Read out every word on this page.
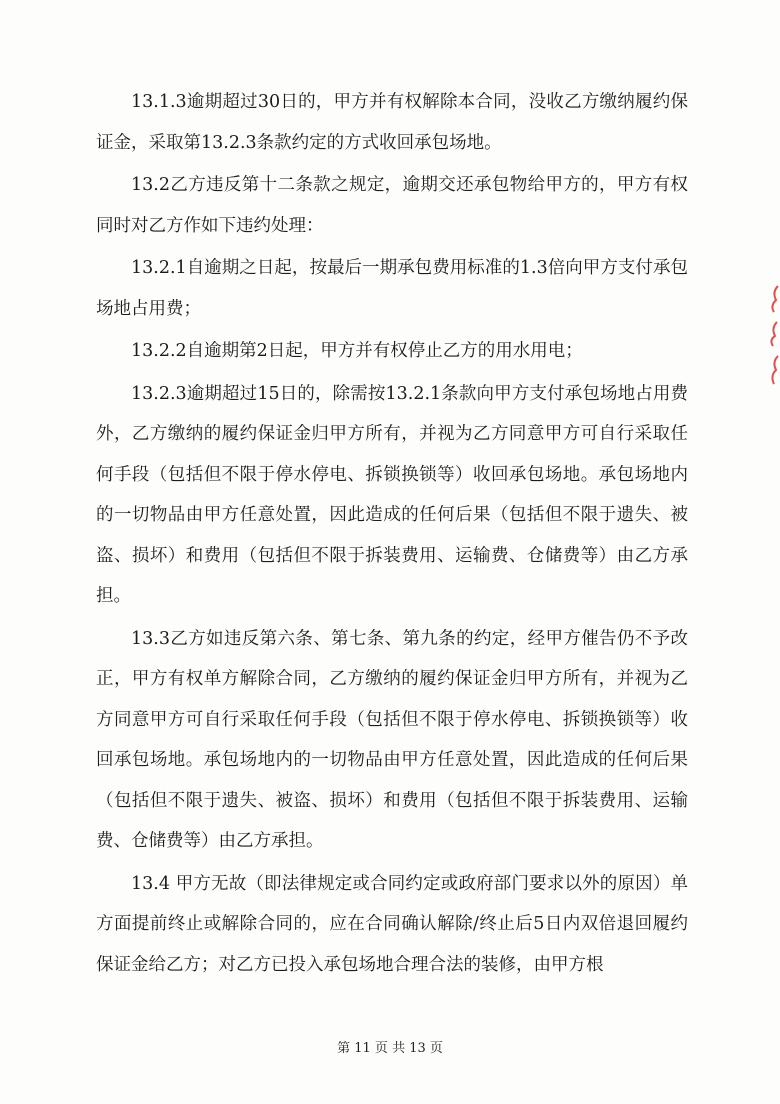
13.1.3逾期超过30日的，甲方并有权解除本合同，没收乙方缴纳履约保证金，采取第13.2.3条款约定的方式收回承包场地。

13.2乙方违反第十二条款之规定，逾期交还承包物给甲方的，甲方有权同时对乙方作如下违约处理：

13.2.1自逾期之日起，按最后一期承包费用标准的1.3倍向甲方支付承包场地占用费；

13.2.2自逾期第2日起，甲方并有权停止乙方的用水用电；

13.2.3逾期超过15日的，除需按13.2.1条款向甲方支付承包场地占用费外，乙方缴纳的履约保证金归甲方所有，并视为乙方同意甲方可自行采取任何手段（包括但不限于停水停电、拆锁换锁等）收回承包场地。承包场地内的一切物品由甲方任意处置，因此造成的任何后果（包括但不限于遗失、被盗、损坏）和费用（包括但不限于拆装费用、运输费、仓储费等）由乙方承担。

13.3乙方如违反第六条、第七条、第九条的约定，经甲方催告仍不予改正，甲方有权单方解除合同，乙方缴纳的履约保证金归甲方所有，并视为乙方同意甲方可自行采取任何手段（包括但不限于停水停电、拆锁换锁等）收回承包场地。承包场地内的一切物品由甲方任意处置，因此造成的任何后果（包括但不限于遗失、被盗、损坏）和费用（包括但不限于拆装费用、运输费、仓储费等）由乙方承担。

13.4 甲方无故（即法律规定或合同约定或政府部门要求以外的原因）单方面提前终止或解除合同的，应在合同确认解除/终止后5日内双倍退回履约保证金给乙方；对乙方已投入承包场地合理合法的装修，由甲方根

第 11 页 共 13 页
